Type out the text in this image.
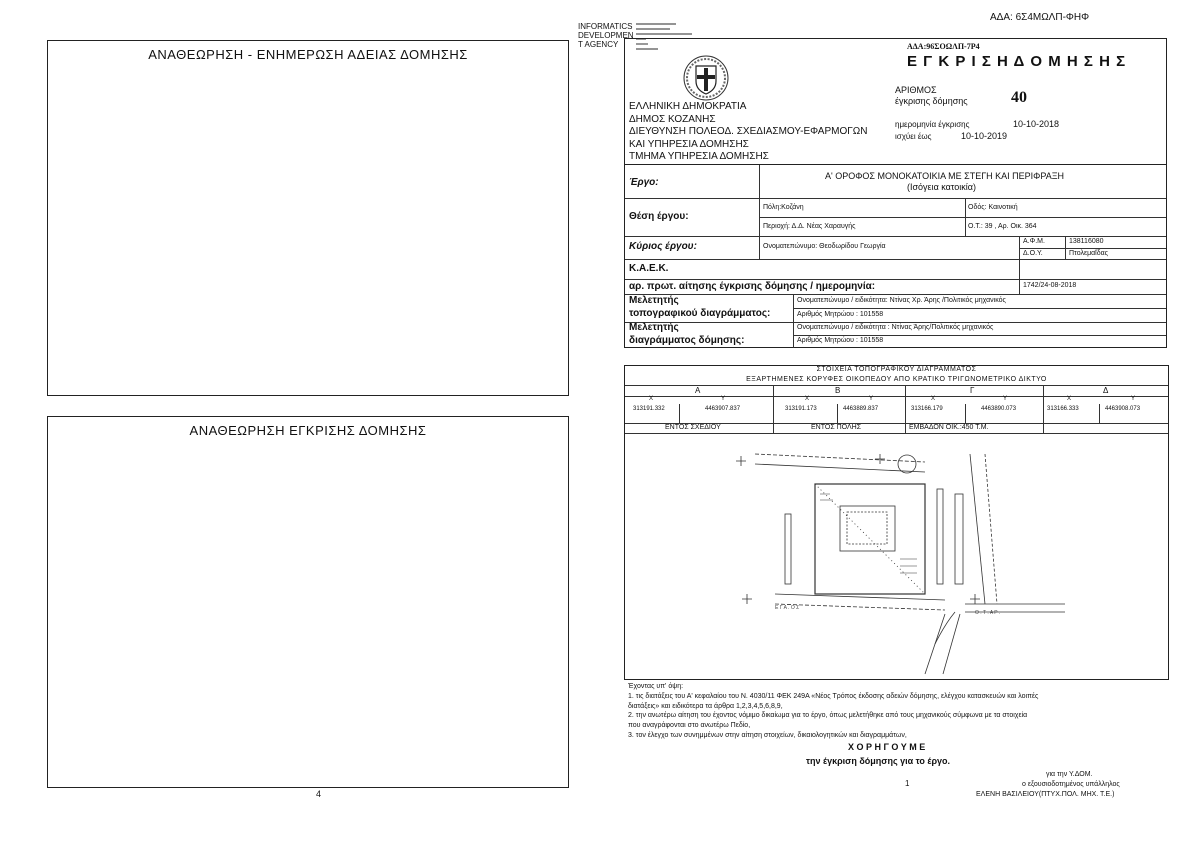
ΑΔΑ: 6Σ4ΜΩΛΠ-ΦΗΦ
ΑΝΑΘΕΩΡΗΣΗ - ΕΝΗΜΕΡΩΣΗ ΑΔΕΙΑΣ ΔΟΜΗΣΗΣ
ΑΝΑΘΕΩΡΗΣΗ ΕΓΚΡΙΣΗΣ ΔΟΜΗΣΗΣ
4
INFORMATICS
DEVELOPMEN
T AGENCY
ΕΛΛΗΝΙΚΗ ΔΗΜΟΚΡΑΤΙΑ
ΔΗΜΟΣ ΚΟΖΑΝΗΣ
ΔΙΕΥΘΥΝΣΗ ΠΟΛΕΟΔ. ΣΧΕΔΙΑΣΜΟΥ-ΕΦΑΡΜΟΓΩΝ
ΚΑΙ ΥΠΗΡΕΣΙΑ ΔΟΜΗΣΗΣ
ΤΜΗΜΑ ΥΠΗΡΕΣΙΑ ΔΟΜΗΣΗΣ
ΑΔΑ:96ΣΟΩΛΠ-7Ρ4
Ε Γ Κ Ρ Ι Σ Η Δ Ο Μ Η Σ Η Σ
ΑΡΙΘΜΟΣ
έγκρισης δόμησης	40
ημερομηνία έγκρισης	10-10-2018
ισχύει έως	10-10-2019
Έργο:
Α' ΟΡΟΦΟΣ ΜΟΝΟΚΑΤΟΙΚΙΑ ΜΕ ΣΤΕΓΗ ΚΑΙ ΠΕΡΙΦΡΑΞΗ
(Ισόγεια κατοικία)
Θέση έργου:
Πόλη:Κοζάνη	Οδός: Καινοτική
Περιοχή: Δ.Δ. Νέας Χαραυγής	Ο.Τ.: 39 , Αρ. Οικ. 364
Κύριος έργου:	Ονοματεπώνυμο: Θεοδωρίδου Γεωργία
Α.Φ.Μ.	138116080
Δ.Ο.Υ.	Πτολεμαΐδας
Κ.Α.Ε.Κ.
αρ. πρωτ. αίτησης έγκρισης δόμησης / ημερομηνία:	1742/24-08-2018
Μελετητής
τοπογραφικού διαγράμματος:
Ονοματεπώνυμο / ειδικότητα: Ντίνας Χρ. Άρης /Πολιτικός μηχανικός
Αριθμός Μητρώου : 101558
Μελετητής
διαγράμματος δόμησης:
Ονοματεπώνυμο / ειδικότητα : Ντίνας Άρης/Πολιτικός μηχανικός
Αριθμός Μητρώου : 101558
ΣΤΟΙΧΕΙΑ ΤΟΠΟΓΡΑΦΙΚΟΥ ΔΙΑΓΡΑΜΜΑΤΟΣ
ΕΞΑΡΤΗΜΕΝΕΣ ΚΟΡΥΦΕΣ ΟΙΚΟΠΕΔΟΥ ΑΠΟ ΚΡΑΤΙΚΟ ΤΡΙΓΩΝΟΜΕΤΡΙΚΟ ΔΙΚΤΥΟ
Α	Β	Γ	Δ
Χ	Υ	Χ	Υ	Χ	Υ	Χ	Υ
313191.332	4463907.837	313191.173	4463889.837	313166.179	4463890.073	313166.333	4463908.073
ΕΝΤΟΣ ΣΧΕΔΙΟΥ	ΕΝΤΟΣ ΠΟΛΗΣ	ΕΜΒΑΔΟΝ ΟΙΚ.:450 Τ.Μ.
Ε Γ Α . Ο Σ
Ο . Τ . Α Ρ .
Έχοντας υπ' όψη:
1. τις διατάξεις του Α' κεφαλαίου του Ν. 4030/11 ΦΕΚ 249Α «Νέος Τρόπος έκδοσης αδειών δόμησης, ελέγχου κατασκευών και λοιπές
διατάξεις» και ειδικότερα τα άρθρα 1,2,3,4,5,6,8,9,
2. την ανωτέρω αίτηση του έχοντος νόμιμο δικαίωμα για το έργο, όπως μελετήθηκε από τους μηχανικούς σύμφωνα με τα στοιχεία
που αναγράφονται στο ανωτέρω Πεδίο,
3. τον έλεγχο των συνημμένων στην αίτηση στοιχείων, δικαιολογητικών και διαγραμμάτων,
Χ Ο Ρ Η Γ Ο Υ Μ Ε
την έγκριση δόμησης για το έργο.
για την Υ.ΔΟΜ.
ο εξουσιοδοτημένος υπάλληλος
ΕΛΕΝΗ ΒΑΣΙΛΕΙΟΥ(ΠΤΥΧ.ΠΟΛ. ΜΗΧ. Τ.Ε.)
1
